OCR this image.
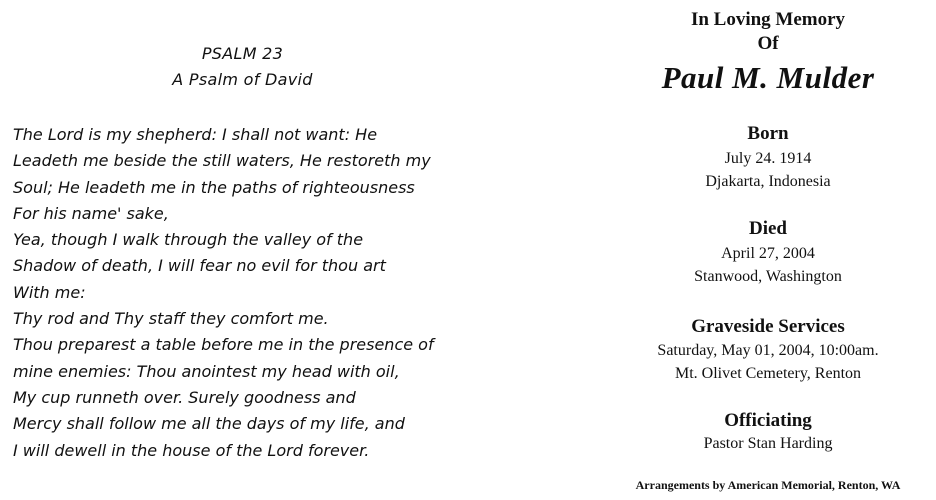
PSALM 23
A Psalm of David
The Lord is my shepherd: I shall not want: He
Leadeth me beside the still waters, He restoreth my
Soul; He leadeth me in the paths of righteousness
For his name' sake,
Yea, though I walk through the valley of the
Shadow of death, I will fear no evil for thou art
With me:
Thy rod and Thy staff they comfort me.
Thou preparest a table before me in the presence of
mine enemies: Thou anointest my head with oil,
My cup runneth over. Surely goodness and
Mercy shall follow me all the days of my life, and
I will dewell in the house of the Lord forever.
In Loving Memory
Of
Paul M. Mulder
Born
July 24. 1914
Djakarta, Indonesia
Died
April 27, 2004
Stanwood, Washington
Graveside Services
Saturday, May 01, 2004, 10:00am.
Mt. Olivet Cemetery, Renton
Officiating
Pastor Stan Harding
Arrangements by American Memorial, Renton, WA
